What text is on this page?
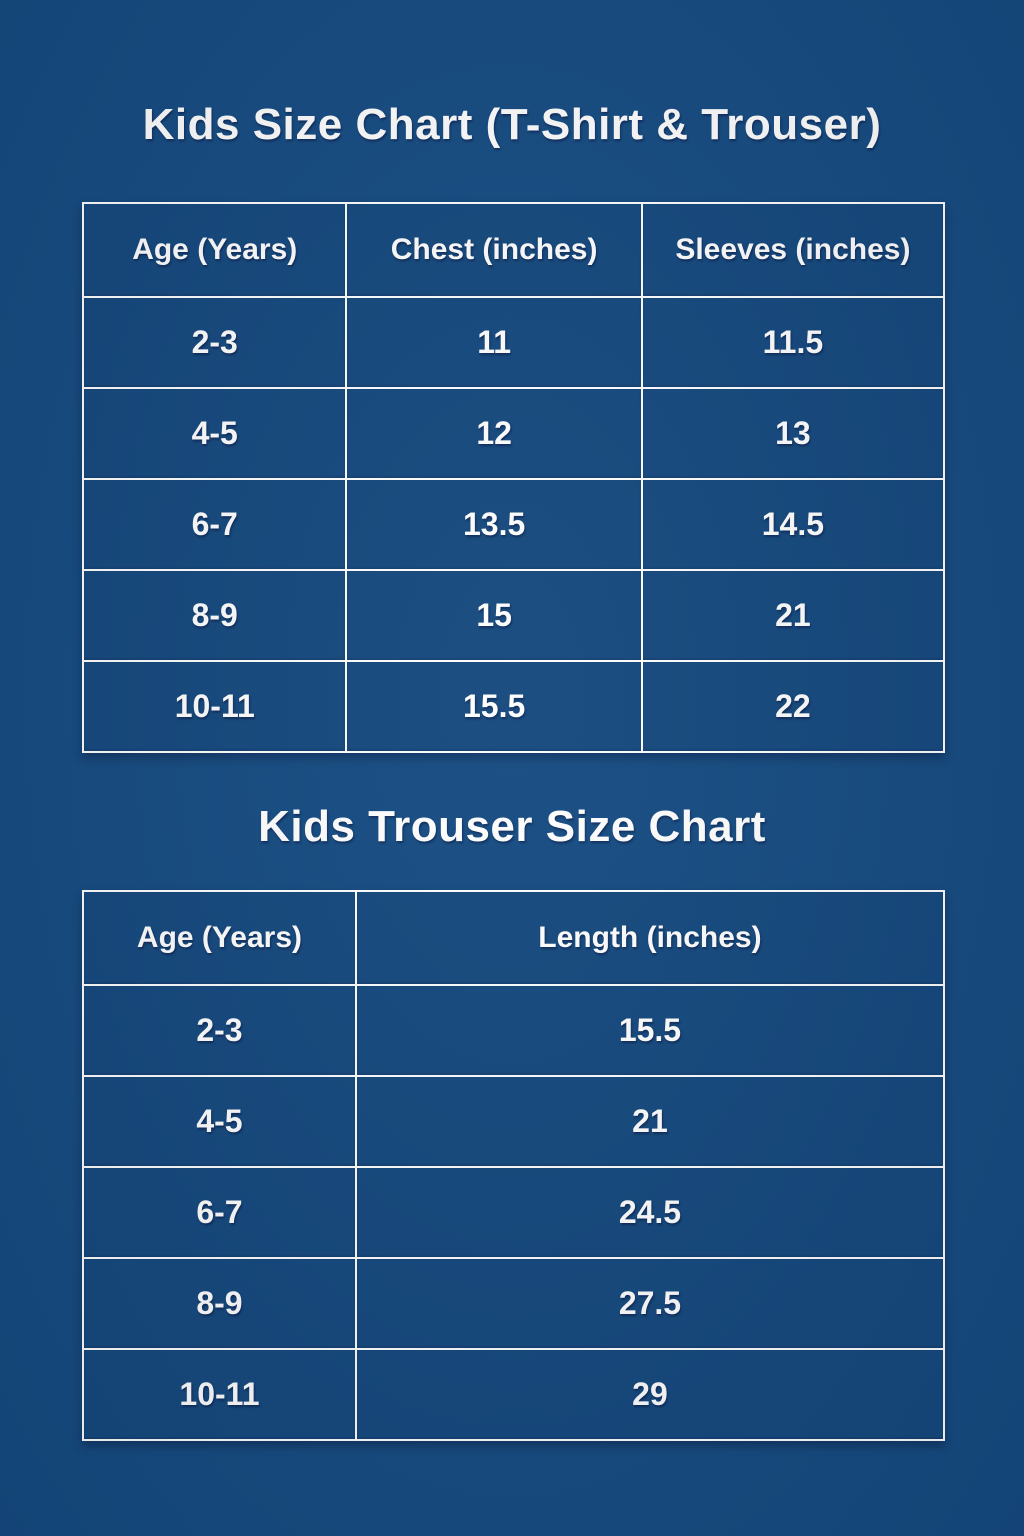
Kids Size Chart (T-Shirt & Trouser)
Age (Years)	Chest (inches)	Sleeves (inches)
2-3	11	11.5
4-5	12	13
6-7	13.5	14.5
8-9	15	21
10-11	15.5	22
Kids Trouser Size Chart
Age (Years)	Length (inches)
2-3	15.5
4-5	21
6-7	24.5
8-9	27.5
10-11	29
